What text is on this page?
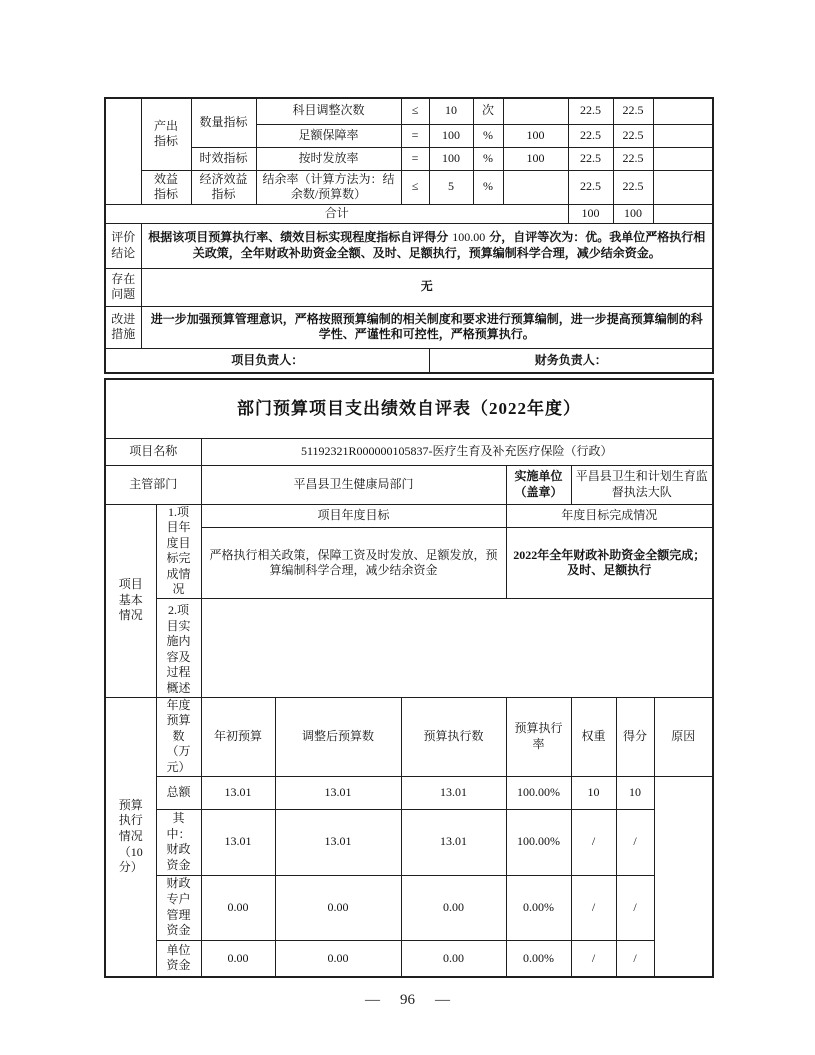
	产出指标	数量指标	科目调整次数	≤	10	次		22.5	22.5	
			足额保障率	=	100	%	100	22.5	22.5	
		时效指标	按时发放率	=	100	%	100	22.5	22.5	
	效益指标	经济效益指标	结余率（计算方法为：结余数/预算数）	≤	5	%		22.5	22.5	
合计								100	100	
评价结论	根据该项目预算执行率、绩效目标实现程度指标自评得分 100.00 分，自评等次为：优。我单位严格执行相关政策，全年财政补助资金全额、及时、足额执行，预算编制科学合理，减少结余资金。									
存在问题	无									
改进措施	进一步加强预算管理意识，严格按照预算编制的相关制度和要求进行预算编制，进一步提高预算编制的科学性、严谨性和可控性，严格预算执行。									
项目负责人：					财务负责人：					
部门预算项目支出绩效自评表（2022年度）								
项目名称		51192321R000000105837-医疗生育及补充医疗保险（行政）						
主管部门		平昌县卫生健康局部门			实施单位（盖章）	平昌县卫生和计划生育监督执法大队		
项目基本情况	1.项目年度目标完成情况	项目年度目标			年度目标完成情况			
		严格执行相关政策，保障工资及时发放、足额发放，预算编制科学合理，减少结余资金			2022年全年财政补助资金全额完成；及时、足额执行			
	2.项目实施内容及过程概述							
预算执行情况（10分）	年度预算数（万元）	年初预算	调整后预算数	预算执行数	预算执行率	权重	得分	原因
	总额	13.01	13.01	13.01	100.00%	10	10	
	其中：财政资金	13.01	13.01	13.01	100.00%	/	/	
	财政专户管理资金	0.00	0.00	0.00	0.00%	/	/	
	单位资金	0.00	0.00	0.00	0.00%	/	/	
— 96 —
